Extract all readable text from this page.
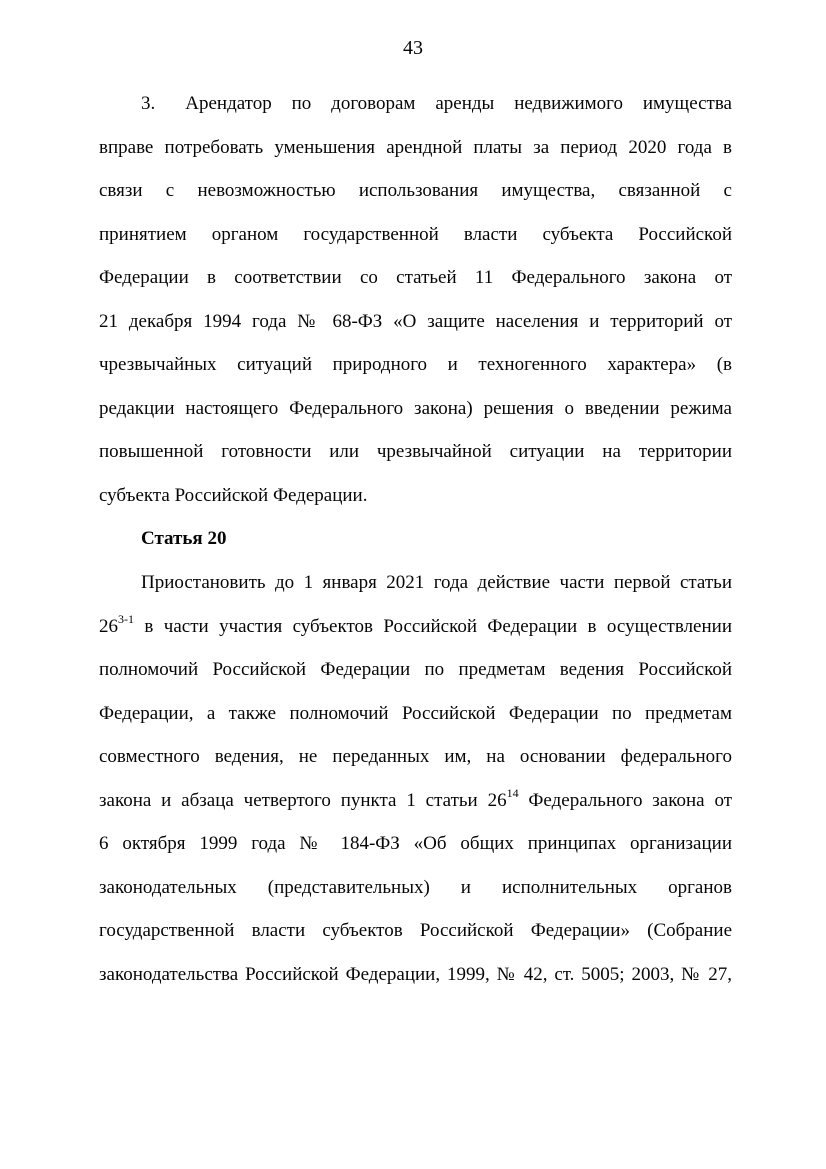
43
3. Арендатор по договорам аренды недвижимого имущества
вправе потребовать уменьшения арендной платы за период 2020 года в
связи с невозможностью использования имущества, связанной с
принятием органом государственной власти субъекта Российской
Федерации в соответствии со статьей 11 Федерального закона от
21 декабря 1994 года № 68-ФЗ «О защите населения и территорий от
чрезвычайных ситуаций природного и техногенного характера» (в
редакции настоящего Федерального закона) решения о введении режима
повышенной готовности или чрезвычайной ситуации на территории
субъекта Российской Федерации.
Статья 20
Приостановить до 1 января 2021 года действие части первой статьи
26$^{3-1}$ в части участия субъектов Российской Федерации в осуществлении
полномочий Российской Федерации по предметам ведения Российской
Федерации, а также полномочий Российской Федерации по предметам
совместного ведения, не переданных им, на основании федерального
закона и абзаца четвертого пункта 1 статьи $26^{14}$ Федерального закона от
6 октября 1999 года № 184-ФЗ «Об общих принципах организации
законодательных (представительных) и исполнительных органов
государственной власти субъектов Российской Федерации» (Собрание
законодательства Российской Федерации, 1999, № 42, ст. 5005; 2003, № 27,
